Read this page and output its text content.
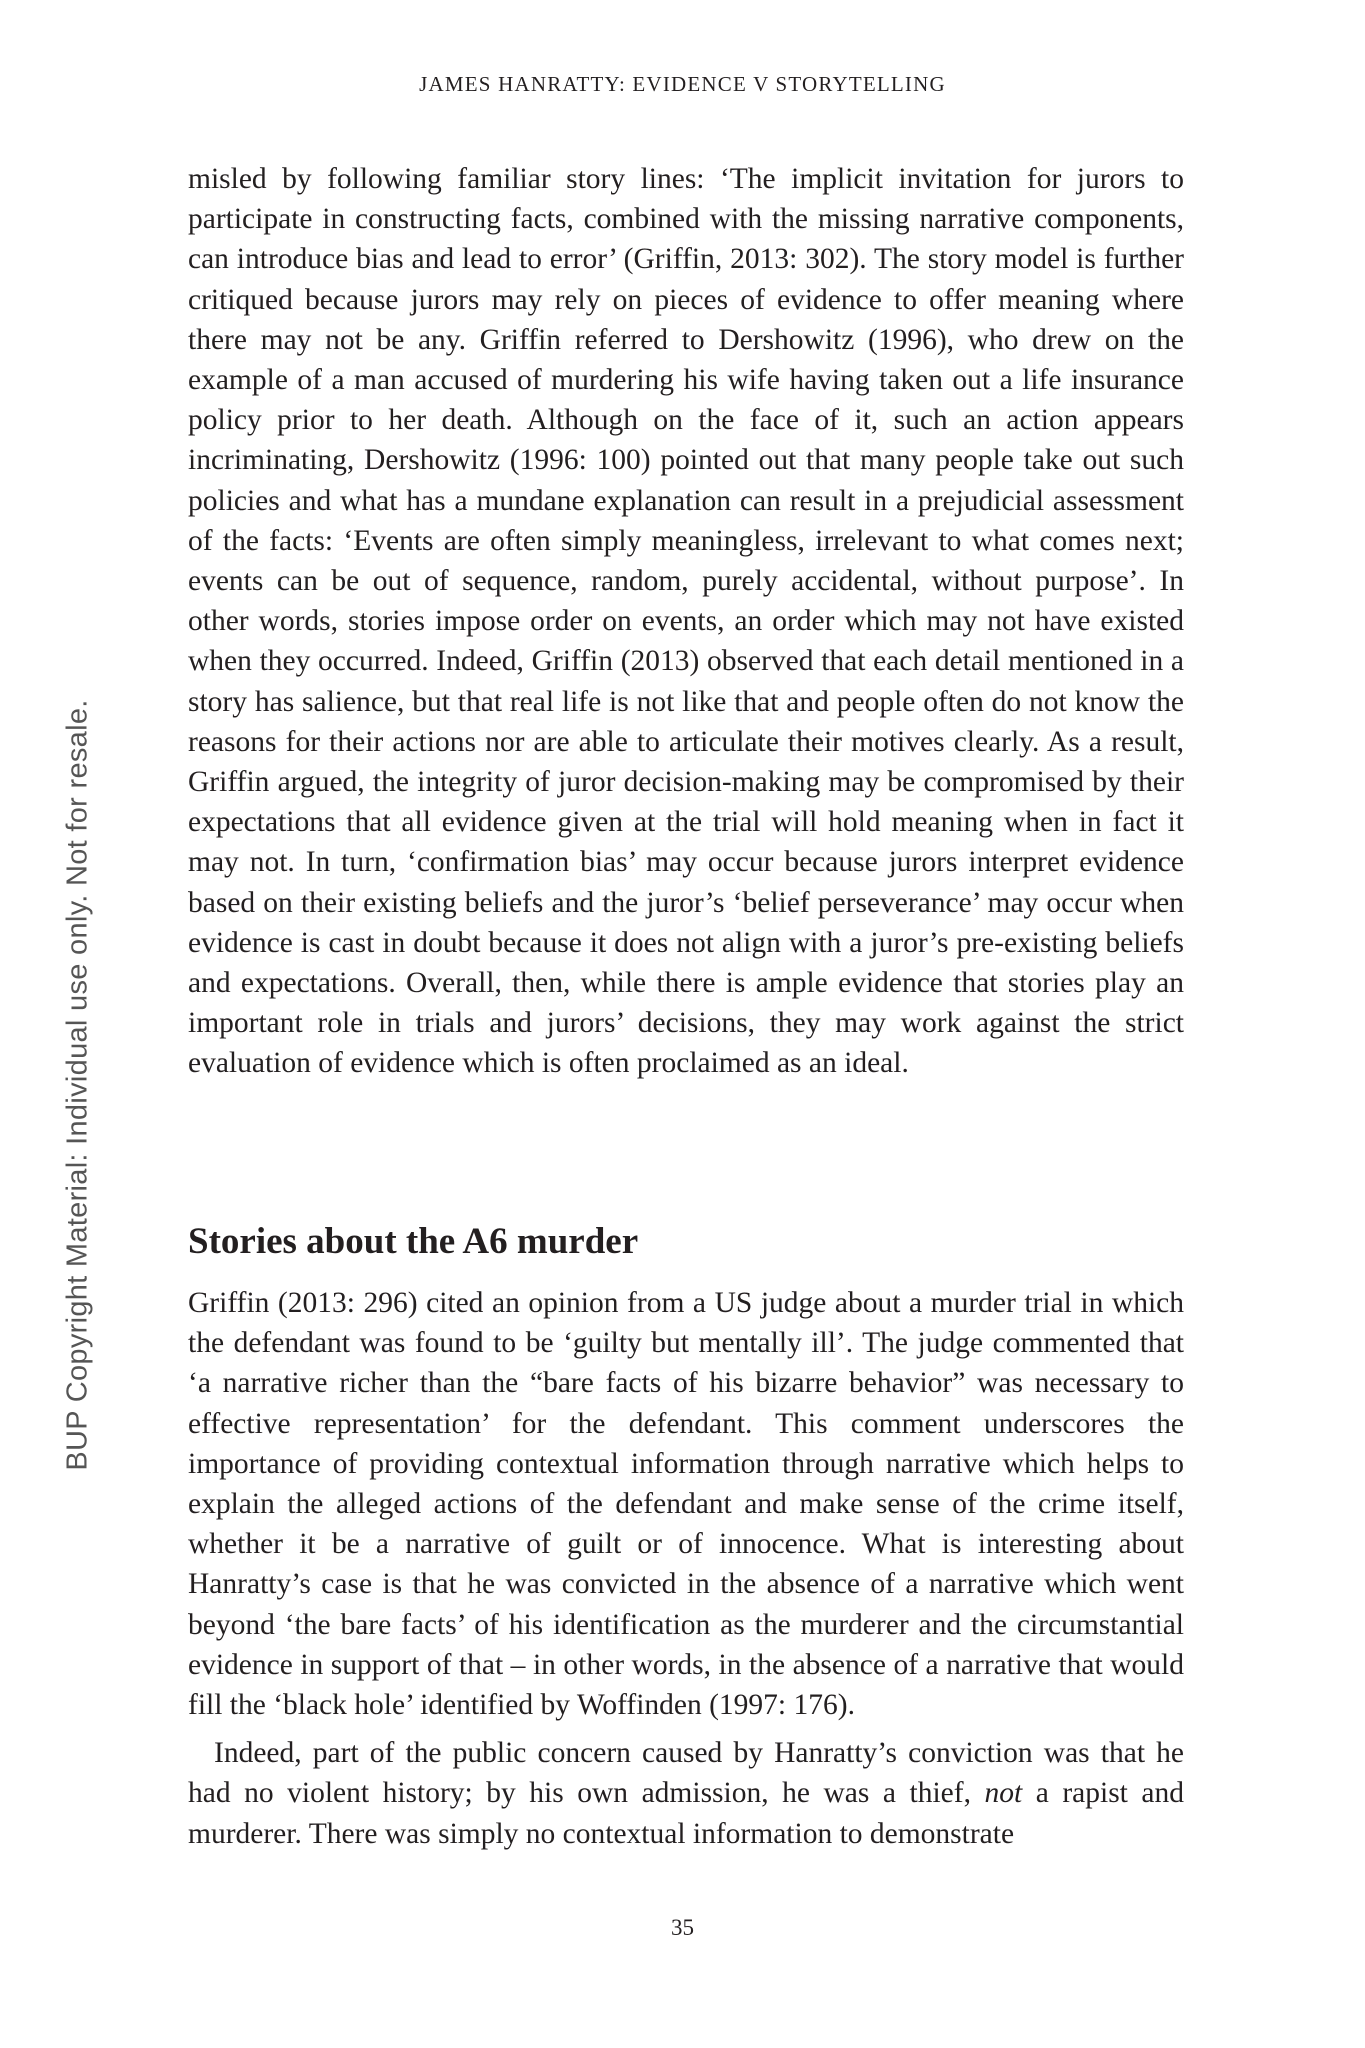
JAMES HANRATTY: EVIDENCE V STORYTELLING
BUP Copyright Material: Individual use only. Not for resale.

misled by following familiar story lines: ‘The implicit invitation for jurors to participate in constructing facts, combined with the missing narrative components, can introduce bias and lead to error’ (Griffin, 2013: 302). The story model is further critiqued because jurors may rely on pieces of evidence to offer meaning where there may not be any. Griffin referred to Dershowitz (1996), who drew on the example of a man accused of murdering his wife having taken out a life insurance policy prior to her death. Although on the face of it, such an action appears incriminating, Dershowitz (1996: 100) pointed out that many people take out such policies and what has a mundane explanation can result in a prejudicial assessment of the facts: ‘Events are often simply meaningless, irrelevant to what comes next; events can be out of sequence, random, purely accidental, without purpose’. In other words, stories impose order on events, an order which may not have existed when they occurred. Indeed, Griffin (2013) observed that each detail mentioned in a story has salience, but that real life is not like that and people often do not know the reasons for their actions nor are able to articulate their motives clearly. As a result, Griffin argued, the integrity of juror decision-making may be compromised by their expectations that all evidence given at the trial will hold meaning when in fact it may not. In turn, ‘confirmation bias’ may occur because jurors interpret evidence based on their existing beliefs and the juror’s ‘belief perseverance’ may occur when evidence is cast in doubt because it does not align with a juror’s pre-existing beliefs and expectations. Overall, then, while there is ample evidence that stories play an important role in trials and jurors’ decisions, they may work against the strict evaluation of evidence which is often proclaimed as an ideal.

Stories about the A6 murder

Griffin (2013: 296) cited an opinion from a US judge about a murder trial in which the defendant was found to be ‘guilty but mentally ill’. The judge commented that ‘a narrative richer than the “bare facts of his bizarre behavior” was necessary to effective representation’ for the defendant. This comment underscores the importance of providing contextual information through narrative which helps to explain the alleged actions of the defendant and make sense of the crime itself, whether it be a narrative of guilt or of innocence. What is interesting about Hanratty’s case is that he was convicted in the absence of a narrative which went beyond ‘the bare facts’ of his identification as the murderer and the circumstantial evidence in support of that – in other words, in the absence of a narrative that would fill the ‘black hole’ identified by Woffinden (1997: 176).

Indeed, part of the public concern caused by Hanratty’s conviction was that he had no violent history; by his own admission, he was a thief, not a rapist and murderer. There was simply no contextual information to demonstrate

35
